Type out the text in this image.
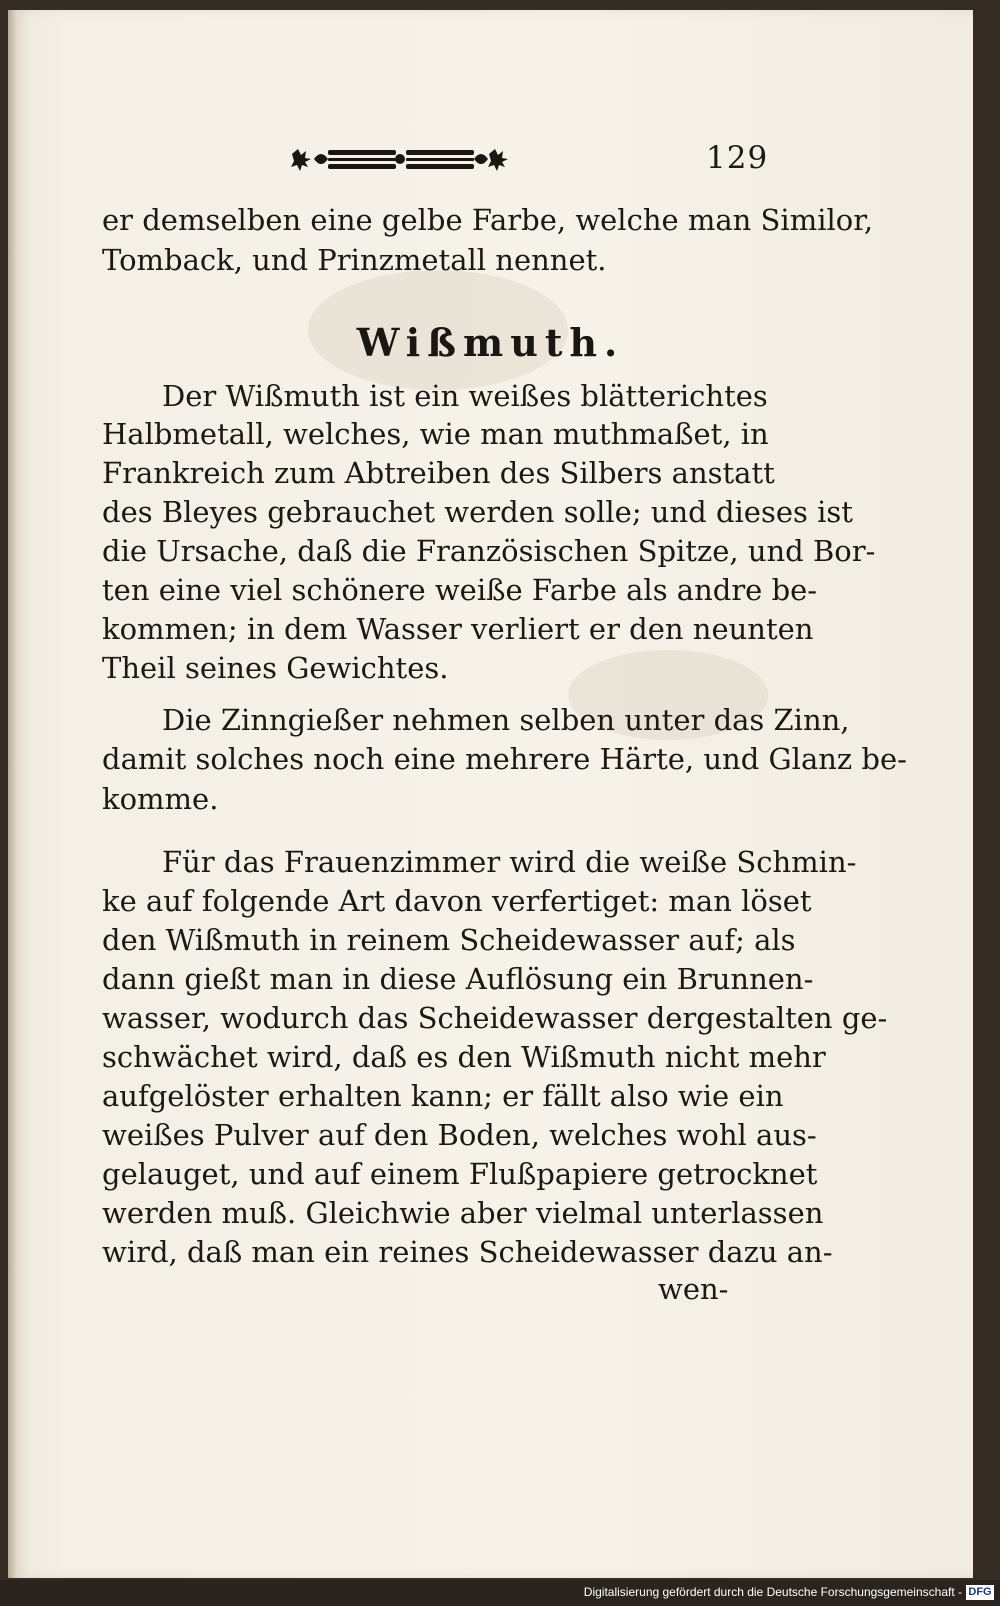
129
er demselben eine gelbe Farbe, welche man Similor,
Tomback, und Prinzmetall nennet.
Wißmuth.
Der Wißmuth ist ein weißes blätterichtes
Halbmetall, welches, wie man muthmaßet, in
Frankreich zum Abtreiben des Silbers anstatt
des Bleyes gebrauchet werden solle; und dieses ist
die Ursache, daß die Französischen Spitze, und Bor-
ten eine viel schönere weiße Farbe als andre be-
kommen; in dem Wasser verliert er den neunten
Theil seines Gewichtes.
Die Zinngießer nehmen selben unter das Zinn,
damit solches noch eine mehrere Härte, und Glanz be-
komme.
Für das Frauenzimmer wird die weiße Schmin-
ke auf folgende Art davon verfertiget: man löset
den Wißmuth in reinem Scheidewasser auf; als
dann gießt man in diese Auflösung ein Brunnen-
wasser, wodurch das Scheidewasser dergestalten ge-
schwächet wird, daß es den Wißmuth nicht mehr
aufgelöster erhalten kann; er fällt also wie ein
weißes Pulver auf den Boden, welches wohl aus-
gelauget, und auf einem Flußpapiere getrocknet
werden muß. Gleichwie aber vielmal unterlassen
wird, daß man ein reines Scheidewasser dazu an-
wen-
Digitalisierung gefördert durch die Deutsche Forschungsgemeinschaft - DFG
